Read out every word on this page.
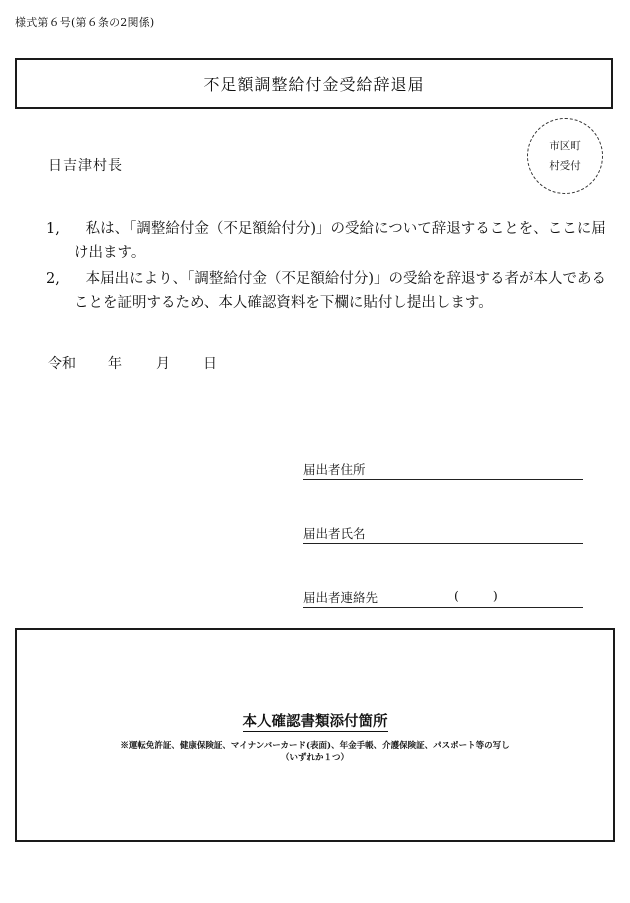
様式第６号(第６条の2関係)
不足額調整給付金受給辞退届
市区町
村受付
日吉津村長
1,	私は、「調整給付金（不足額給付分)」の受給について辞退することを、ここに届け出ます。
2,	本届出により、「調整給付金（不足額給付分)」の受給を辞退する者が本人であることを証明するため、本人確認資料を下欄に貼付し提出します。
令和	年	月	日
届出者住所
届出者氏名
届出者連絡先	(	)
本人確認書類添付箇所
※運転免許証、健康保険証、マイナンバーカード(表面)、年金手帳、介護保険証、パスポート等の写し
（いずれか１つ）
